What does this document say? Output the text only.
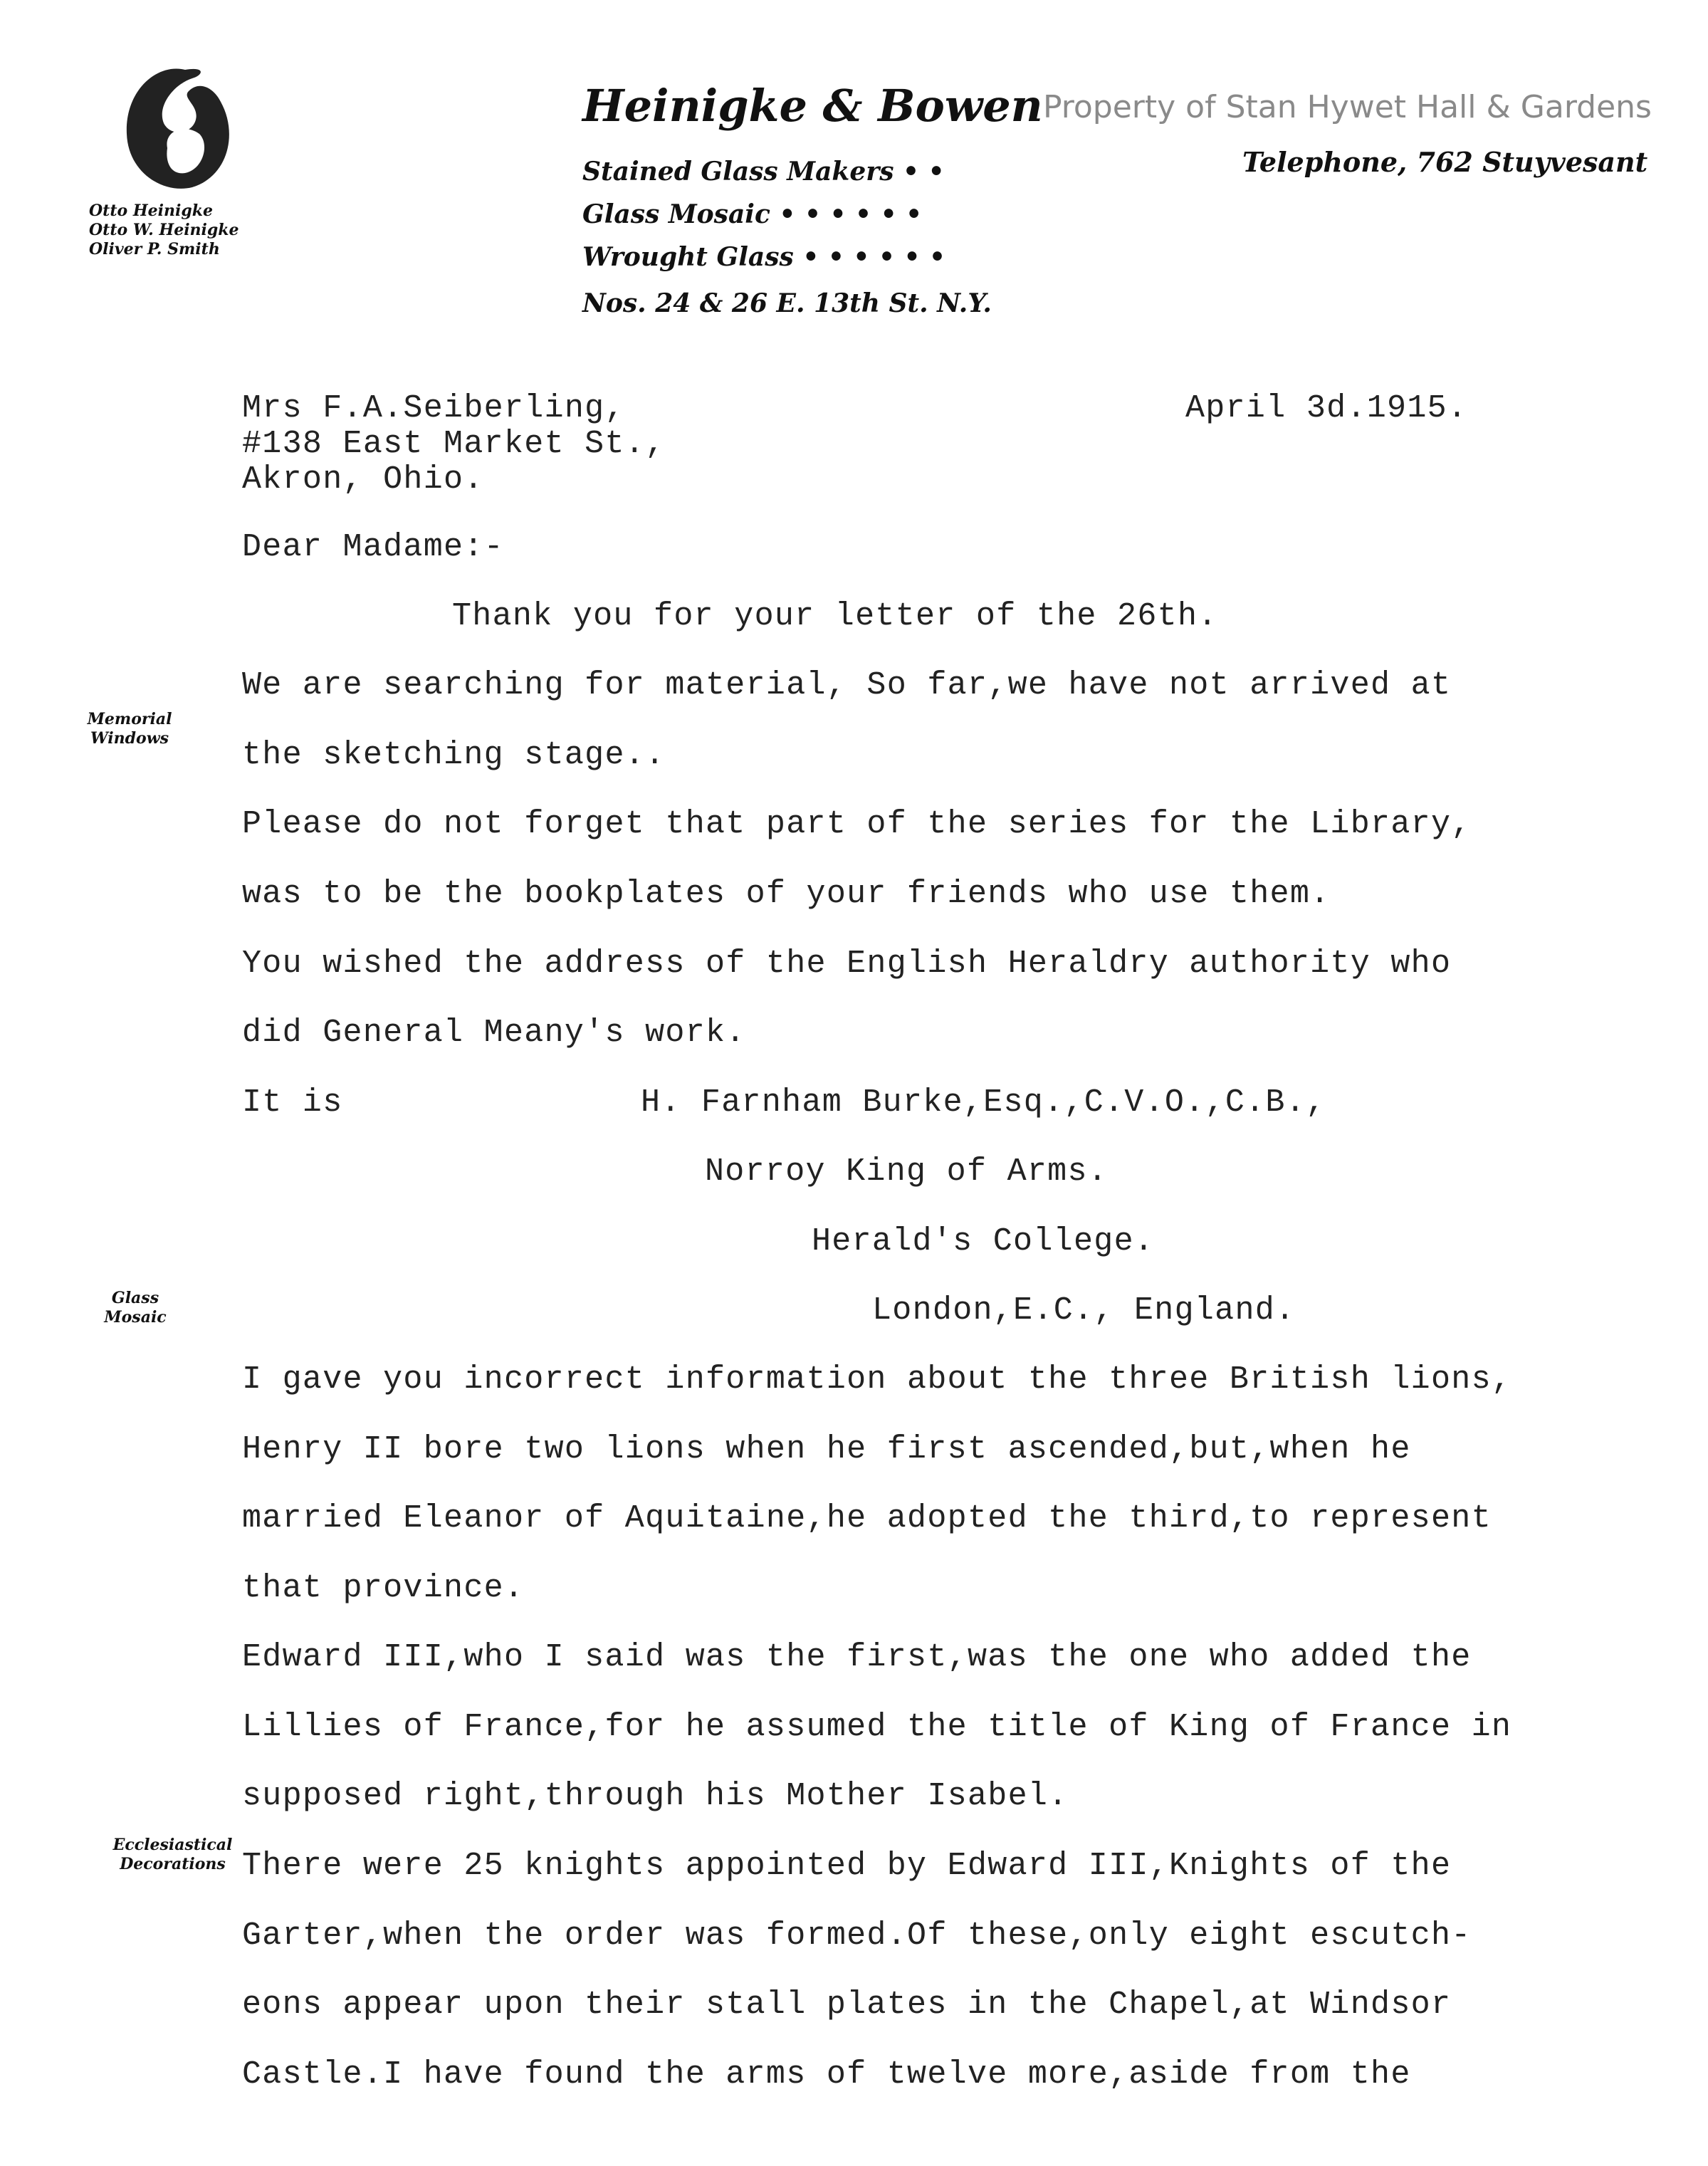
Otto Heinigke
Otto W. Heinigke
Oliver P. Smith
Heinigke & Bowen
Stained Glass Makers • •
Glass Mosaic • • • • • •
Wrought Glass • • • • • •
Nos. 24 & 26 E. 13th St. N.Y.
Property of Stan Hywet Hall & Gardens
Telephone, 762 Stuyvesant
Memorial
Windows
Glass
Mosaic
Ecclesiastical
Decorations
Mrs F.A.Seiberling,
#138 East Market St.,
Akron, Ohio.
April 3d.1915.
Dear Madame:-
Thank you for your letter of the 26th.
We are searching for material, So far,we have not arrived at
the sketching stage..
Please do not forget that part of the series for the Library,
was to be the bookplates of your friends who use them.
You wished the address of the English Heraldry authority who
did General Meany's work.
It is	H. Farnham Burke,Esq.,C.V.O.,C.B.,
Norroy King of Arms.
Herald's College.
London,E.C., England.
I gave you incorrect information about the three British lions,
Henry II bore two lions when he first ascended,but,when he
married Eleanor of Aquitaine,he adopted the third,to represent
that province.
Edward III,who I said was the first,was the one who added the
Lillies of France,for he assumed the title of King of France in
supposed right,through his Mother Isabel.
There were 25 knights appointed by Edward III,Knights of the
Garter,when the order was formed.Of these,only eight escutch-
eons appear upon their stall plates in the Chapel,at Windsor
Castle.I have found the arms of twelve more,aside from the
